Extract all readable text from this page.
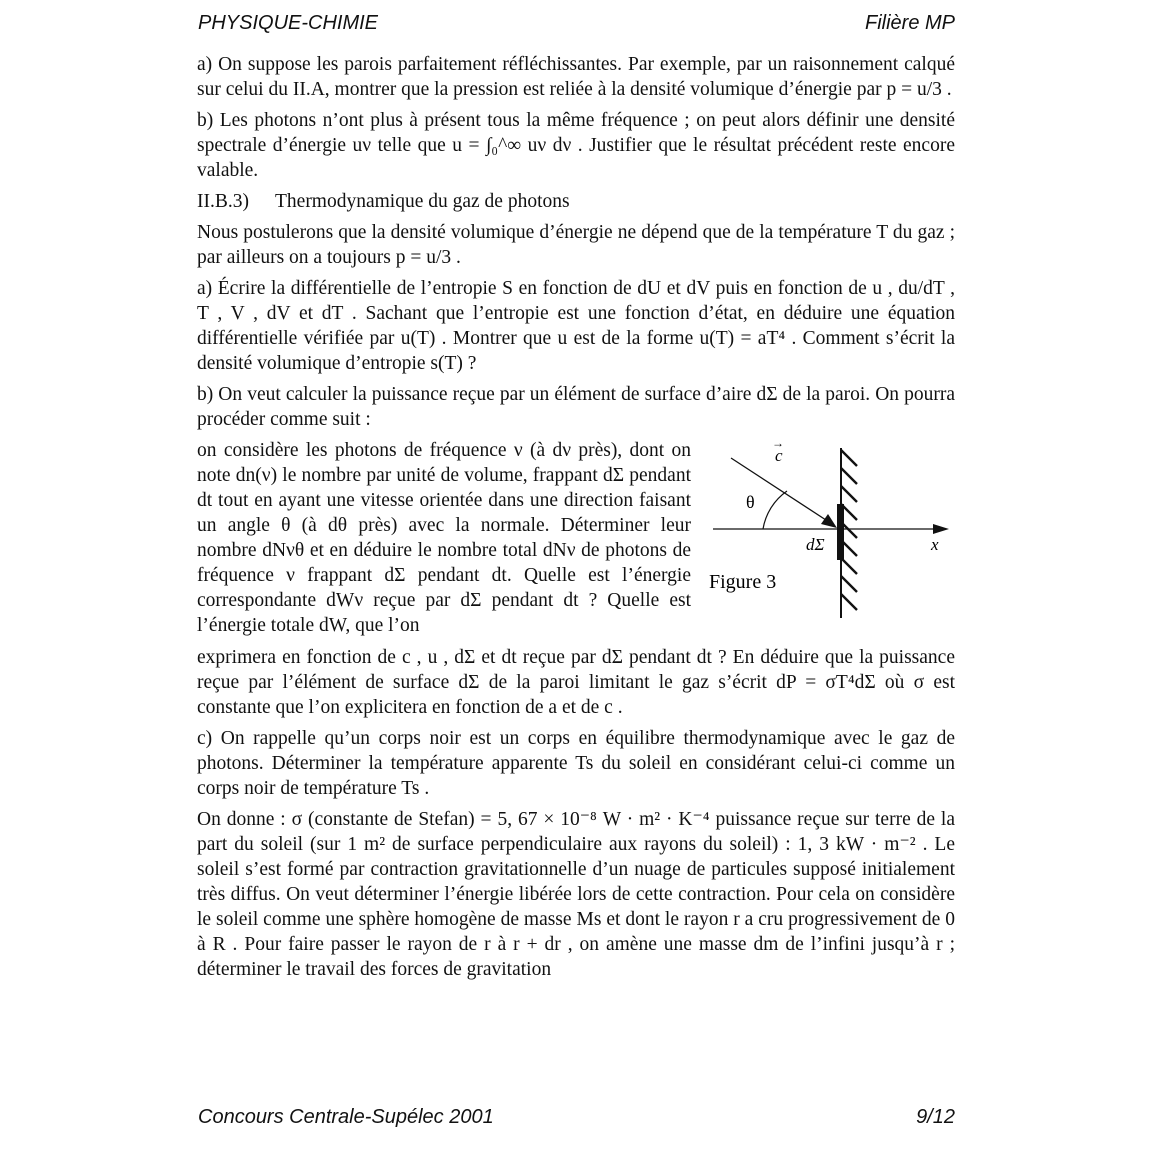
PHYSIQUE-CHIMIE	Filière MP

a) On suppose les parois parfaitement réfléchissantes. Par exemple, par un raisonnement calqué sur celui du II.A, montrer que la pression est reliée à la densité volumique d’énergie par p = u/3 .

b) Les photons n’ont plus à présent tous la même fréquence ; on peut alors définir une densité spectrale d’énergie uν telle que u = ∫₀^∞ uν dν . Justifier que le résultat précédent reste encore valable.

II.B.3) Thermodynamique du gaz de photons

Nous postulerons que la densité volumique d’énergie ne dépend que de la température T du gaz ; par ailleurs on a toujours p = u/3 .

a) Écrire la différentielle de l’entropie S en fonction de dU et dV puis en fonction de u , du/dT , T , V , dV et dT . Sachant que l’entropie est une fonction d’état, en déduire une équation différentielle vérifiée par u(T) . Montrer que u est de la forme u(T) = aT⁴ . Comment s’écrit la densité volumique d’entropie s(T) ?

b) On veut calculer la puissance reçue par un élément de surface d’aire dΣ de la paroi. On pourra procéder comme suit :

on considère les photons de fréquence ν (à dν près), dont on note dn(ν) le nombre par unité de volume, frappant dΣ pendant dt tout en ayant une vitesse orientée dans une direction faisant un angle θ (à dθ près) avec la normale. Déterminer leur nombre dNνθ et en déduire le nombre total dNν de photons de fréquence ν frappant dΣ pendant dt. Quelle est l’énergie correspondante dWν reçue par dΣ pendant dt ? Quelle est l’énergie totale dW, que l’on
c
→
θ
dΣ	x
Figure 3

exprimera en fonction de c , u , dΣ et dt reçue par dΣ pendant dt ? En déduire que la puissance reçue par l’élément de surface dΣ de la paroi limitant le gaz s’écrit dP = σT⁴dΣ où σ est constante que l’on explicitera en fonction de a et de c .

c) On rappelle qu’un corps noir est un corps en équilibre thermodynamique avec le gaz de photons. Déterminer la température apparente Ts du soleil en considérant celui-ci comme un corps noir de température Ts .

On donne : σ (constante de Stefan) = 5, 67 × 10⁻⁸ W · m² · K⁻⁴ puissance reçue sur terre de la part du soleil (sur 1 m² de surface perpendiculaire aux rayons du soleil) : 1, 3 kW · m⁻² . Le soleil s’est formé par contraction gravitationnelle d’un nuage de particules supposé initialement très diffus. On veut déterminer l’énergie libérée lors de cette contraction. Pour cela on considère le soleil comme une sphère homogène de masse Ms et dont le rayon r a cru progressivement de 0 à R . Pour faire passer le rayon de r à r + dr , on amène une masse dm de l’infini jusqu’à r ; déterminer le travail des forces de gravitation

Concours Centrale-Supélec 2001	9/12
